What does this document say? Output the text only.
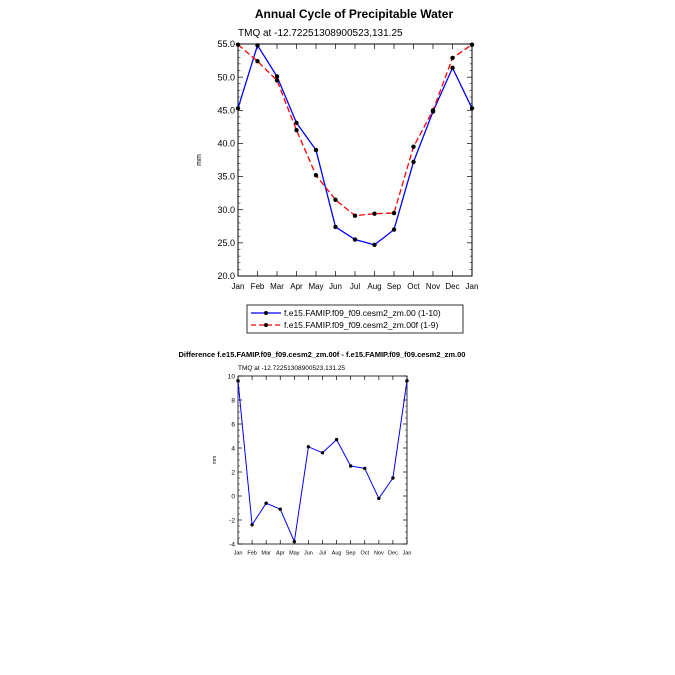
Annual Cycle of Precipitable Water
TMQ at -12.72251308900523,131.25
mm
20.0
25.0
30.0
35.0
40.0
45.0
50.0
55.0
Jan Feb Mar Apr May Jun Jul Aug Sep Oct Nov Dec Jan
f.e15.FAMIP.f09_f09.cesm2_zm.00 (1-10)
f.e15.FAMIP.f09_f09.cesm2_zm.00f (1-9)
Difference f.e15.FAMIP.f09_f09.cesm2_zm.00f - f.e15.FAMIP.f09_f09.cesm2_zm.00
TMQ at -12.72251308900523,131.25
mm
-4
-2
0
2
4
6
8
10
Jan Feb Mar Apr May Jun Jul Aug Sep Oct Nov Dec Jan
